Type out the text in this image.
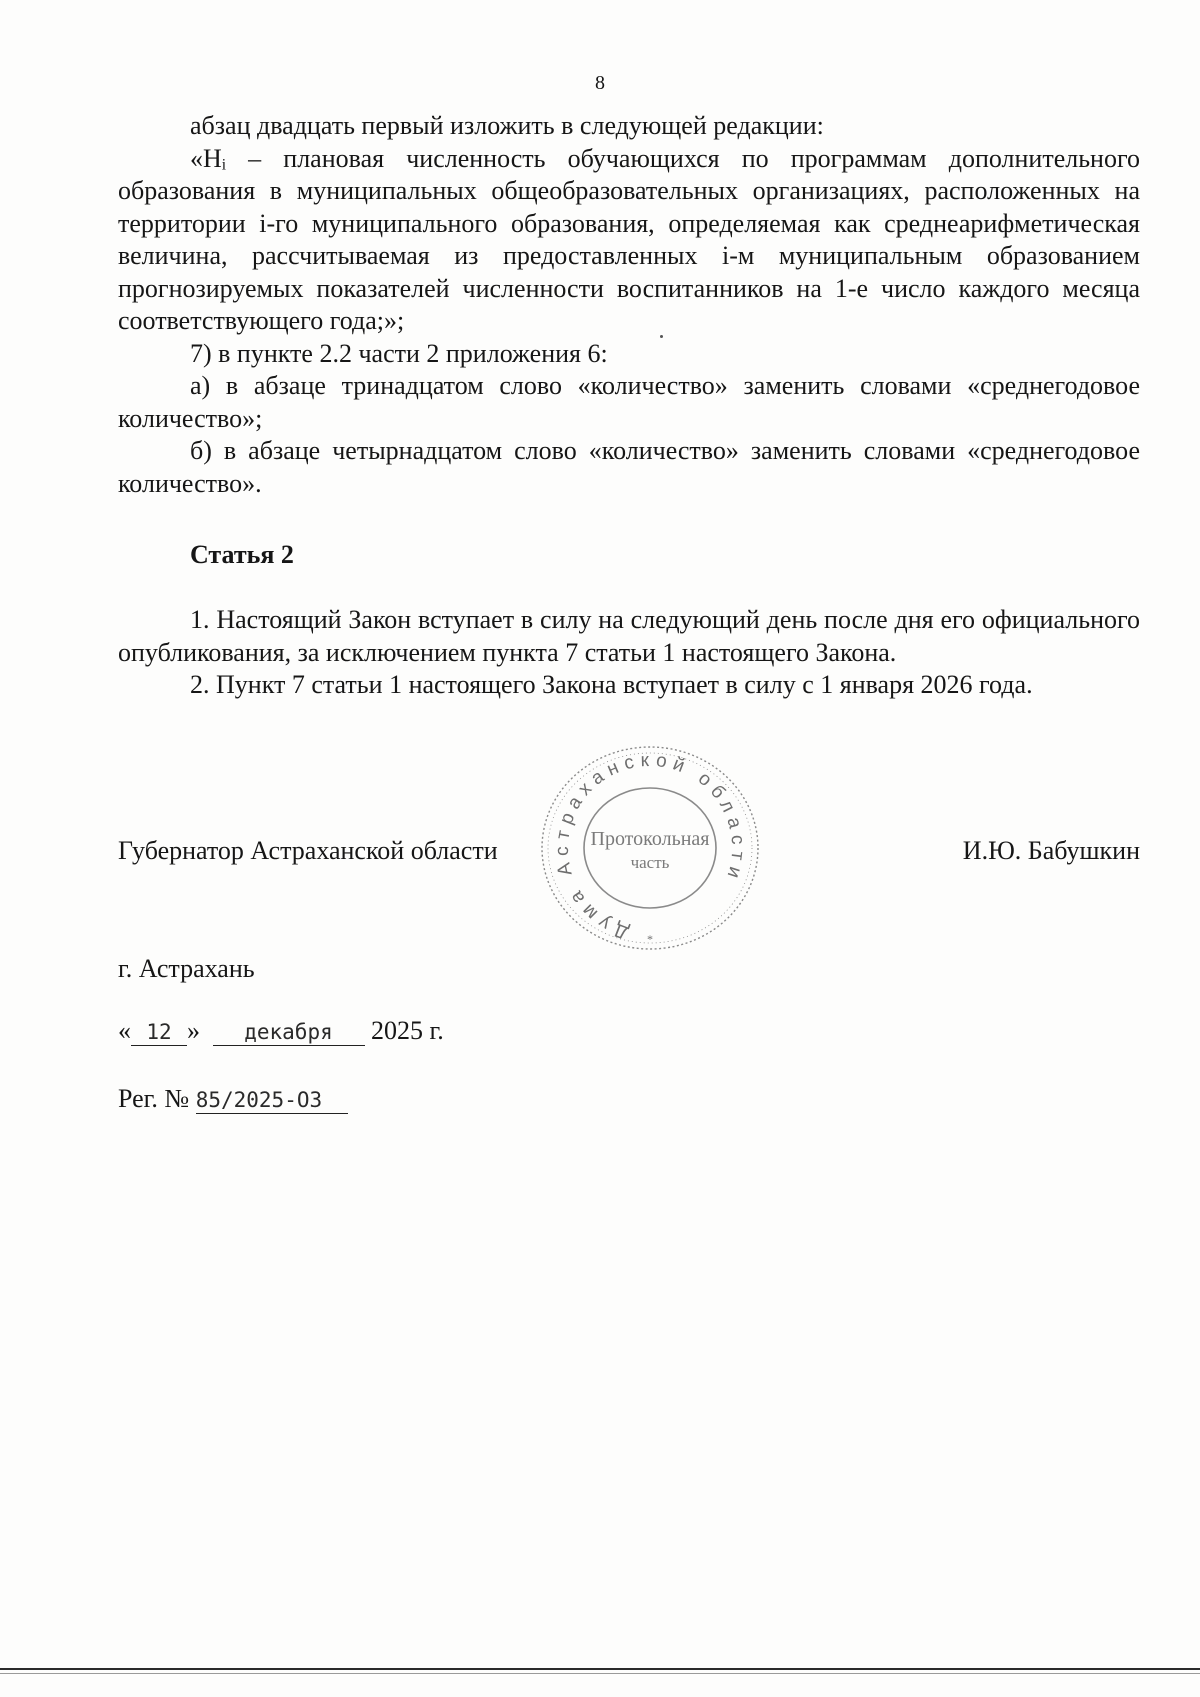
8

абзац двадцать первый изложить в следующей редакции:

«Hᵢ – плановая численность обучающихся по программам дополнительного образования в муниципальных общеобразовательных организациях, расположенных на территории i-го муниципального образования, определяемая как среднеарифметическая величина, рассчитываемая из предоставленных i-м муниципальным образованием прогнозируемых показателей численности воспитанников на 1-е число каждого месяца соответствующего года;»;

7) в пункте 2.2 части 2 приложения 6:

а) в абзаце тринадцатом слово «количество» заменить словами «среднегодовое количество»;

б) в абзаце четырнадцатом слово «количество» заменить словами «среднегодовое количество».

Статья 2

1. Настоящий Закон вступает в силу на следующий день после дня его официального опубликования, за исключением пункта 7 статьи 1 настоящего Закона.

2. Пункт 7 статьи 1 настоящего Закона вступает в силу с 1 января 2026 года.

Губернатор Астраханской области	И.Ю. Бабушкин
Дума Астраханской области
Протокольная
часть
*
г. Астрахань
« 12 » декабря 2025 г.
Рег. № 85/2025-ОЗ
